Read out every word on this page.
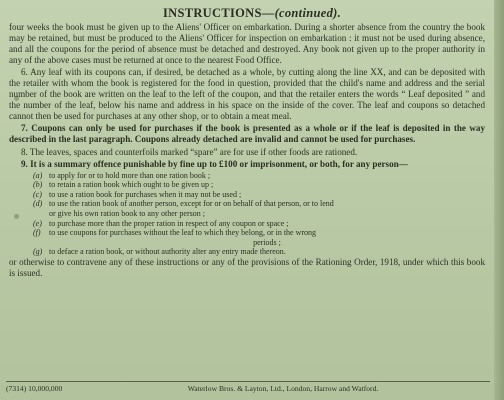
INSTRUCTIONS—(continued).

four weeks the book must be given up to the Aliens' Officer on embarkation. During a shorter absence from the country the book may be retained, but must be produced to the Aliens' Officer for inspection on embarkation : it must not be used during absence, and all the coupons for the period of absence must be detached and destroyed. Any book not given up to the proper authority in any of the above cases must be returned at once to the nearest Food Office.

6. Any leaf with its coupons can, if desired, be detached as a whole, by cutting along the line XX, and can be deposited with the retailer with whom the book is registered for the food in question, provided that the child's name and address and the serial number of the book are written on the leaf to the left of the coupon, and that the retailer enters the words “ Leaf deposited ” and the number of the leaf, below his name and address in his space on the inside of the cover. The leaf and coupons so detached cannot then be used for purchases at any other shop, or to obtain a meat meal.

7. Coupons can only be used for purchases if the book is presented as a whole or if the leaf is deposited in the way described in the last paragraph. Coupons already detached are invalid and cannot be used for purchases.

8. The leaves, spaces and counterfoils marked “spare” are for use if other foods are rationed.

9. It is a summary offence punishable by fine up to £100 or imprisonment, or both, for any person—

(a) to apply for or to hold more than one ration book ;
(b) to retain a ration book which ought to be given up ;
(c) to use a ration book for purchases when it may not be used ;
(d) to use the ration book of another person, except for or on behalf of that person, or to lend
or give his own ration book to any other person ;
(e) to purchase more than the proper ration in respect of any coupon or space ;
(f) to use coupons for purchases without the leaf to which they belong, or in the wrong
periods ;
(g) to deface a ration book, or without authority alter any entry made thereon.

or otherwise to contravene any of these instructions or any of the provisions of the Rationing Order, 1918, under which this book is issued.

(7314) 10,000,000	Waterlow Bros. & Layton, Ltd., London, Harrow and Watford.
